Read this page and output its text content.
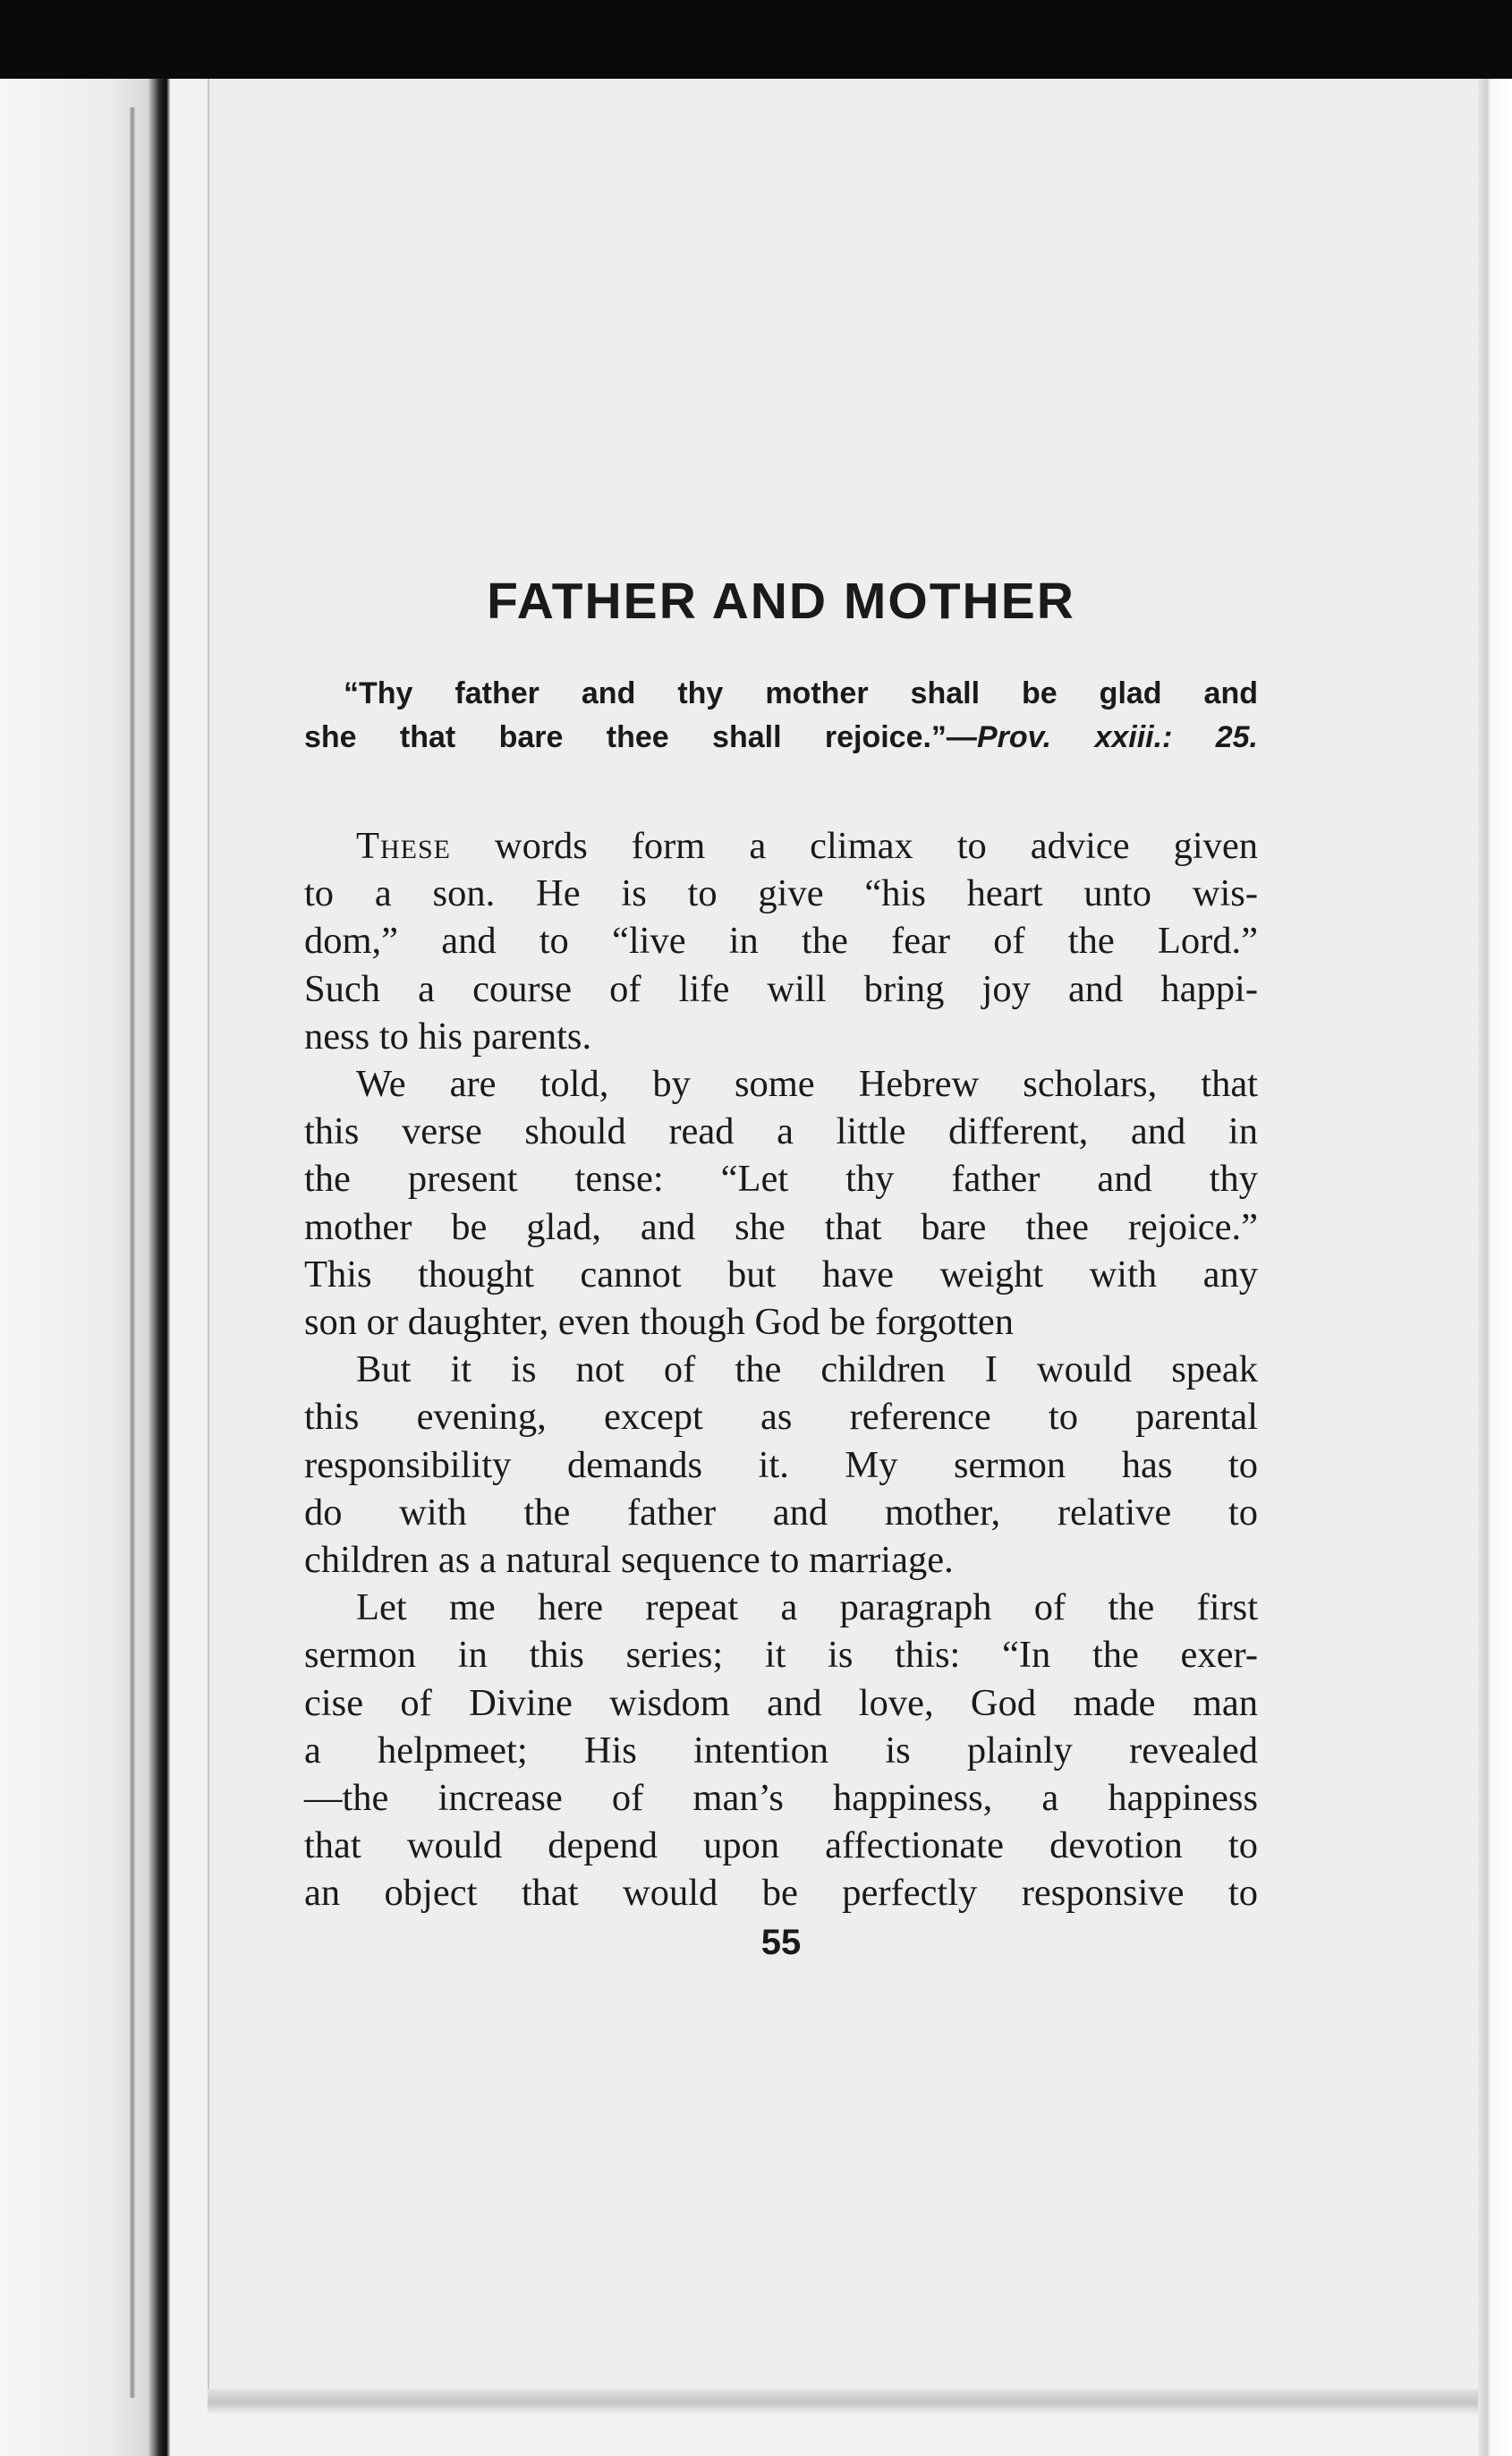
FATHER AND MOTHER
“Thy father and thy mother shall be glad and
she that bare thee shall rejoice.”—Prov. xxiii.: 25.
These words form a climax to advice given
to a son. He is to give “his heart unto wis-
dom,” and to “live in the fear of the Lord.”
Such a course of life will bring joy and happi-
ness to his parents.
We are told, by some Hebrew scholars, that
this verse should read a little different, and in
the present tense: “Let thy father and thy
mother be glad, and she that bare thee rejoice.”
This thought cannot but have weight with any
son or daughter, even though God be forgotten
But it is not of the children I would speak
this evening, except as reference to parental
responsibility demands it. My sermon has to
do with the father and mother, relative to
children as a natural sequence to marriage.
Let me here repeat a paragraph of the first
sermon in this series; it is this: “In the exer-
cise of Divine wisdom and love, God made man
a helpmeet; His intention is plainly revealed
—the increase of man’s happiness, a happiness
that would depend upon affectionate devotion to
an object that would be perfectly responsive to
55
